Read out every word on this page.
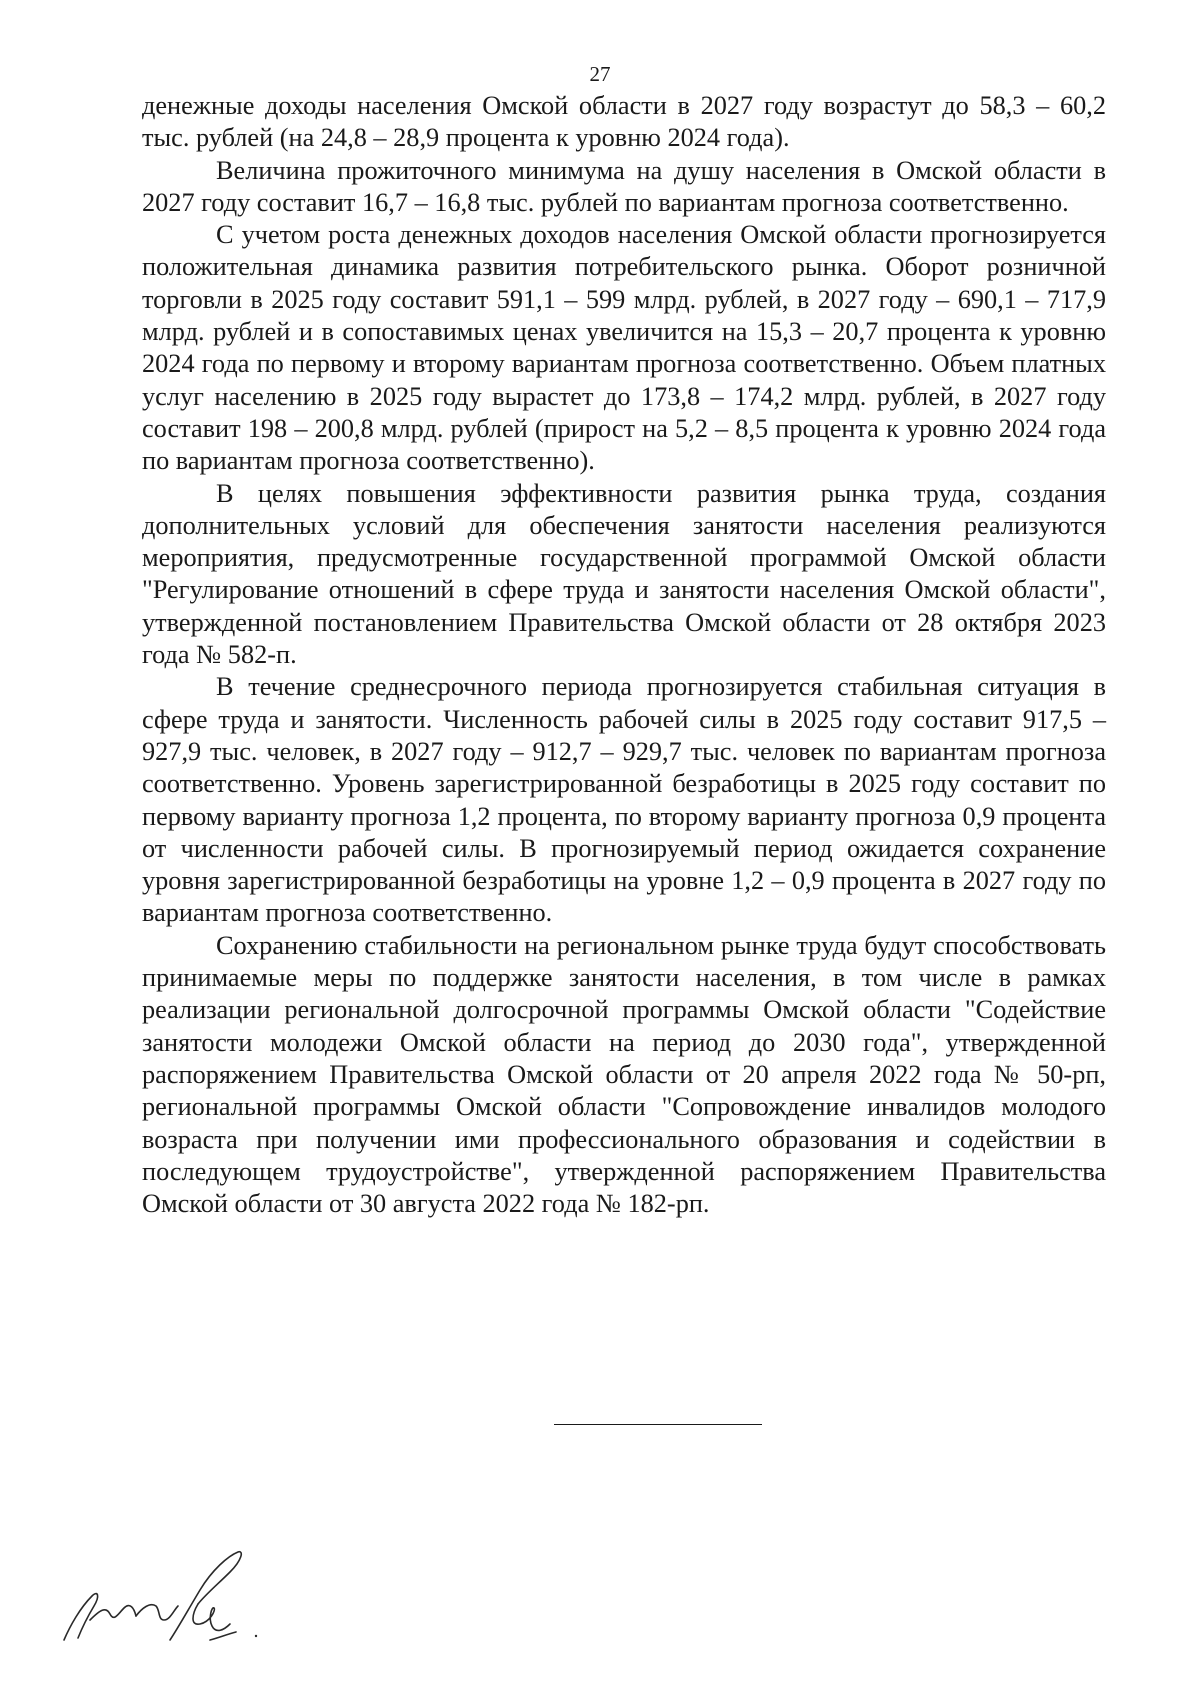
27

денежные доходы населения Омской области в 2027 году возрастут до 58,3 – 60,2 тыс. рублей (на 24,8 – 28,9 процента к уровню 2024 года).

Величина прожиточного минимума на душу населения в Омской области в 2027 году составит 16,7 – 16,8 тыс. рублей по вариантам прогноза соответственно.

С учетом роста денежных доходов населения Омской области прогнозируется положительная динамика развития потребительского рынка. Оборот розничной торговли в 2025 году составит 591,1 – 599 млрд. рублей, в 2027 году – 690,1 – 717,9 млрд. рублей и в сопоставимых ценах увеличится на 15,3 – 20,7 процента к уровню 2024 года по первому и второму вариантам прогноза соответственно. Объем платных услуг населению в 2025 году вырастет до 173,8 – 174,2 млрд. рублей, в 2027 году составит 198 – 200,8 млрд. рублей (прирост на 5,2 – 8,5 процента к уровню 2024 года по вариантам прогноза соответственно).

В целях повышения эффективности развития рынка труда, создания дополнительных условий для обеспечения занятости населения реализуются мероприятия, предусмотренные государственной программой Омской области "Регулирование отношений в сфере труда и занятости населения Омской области", утвержденной постановлением Правительства Омской области от 28 октября 2023 года № 582-п.

В течение среднесрочного периода прогнозируется стабильная ситуация в сфере труда и занятости. Численность рабочей силы в 2025 году составит 917,5 – 927,9 тыс. человек, в 2027 году – 912,7 – 929,7 тыс. человек по вариантам прогноза соответственно. Уровень зарегистрированной безработицы в 2025 году составит по первому варианту прогноза 1,2 процента, по второму варианту прогноза 0,9 процента от численности рабочей силы. В прогнозируемый период ожидается сохранение уровня зарегистрированной безработицы на уровне 1,2 – 0,9 процента в 2027 году по вариантам прогноза соответственно.

Сохранению стабильности на региональном рынке труда будут способствовать принимаемые меры по поддержке занятости населения, в том числе в рамках реализации региональной долгосрочной программы Омской области "Содействие занятости молодежи Омской области на период до 2030 года", утвержденной распоряжением Правительства Омской области от 20 апреля 2022 года № 50-рп, региональной программы Омской области "Сопровождение инвалидов молодого возраста при получении ими профессионального образования и содействии в последующем трудоустройстве", утвержденной распоряжением Правительства Омской области от 30 августа 2022 года № 182-рп.
